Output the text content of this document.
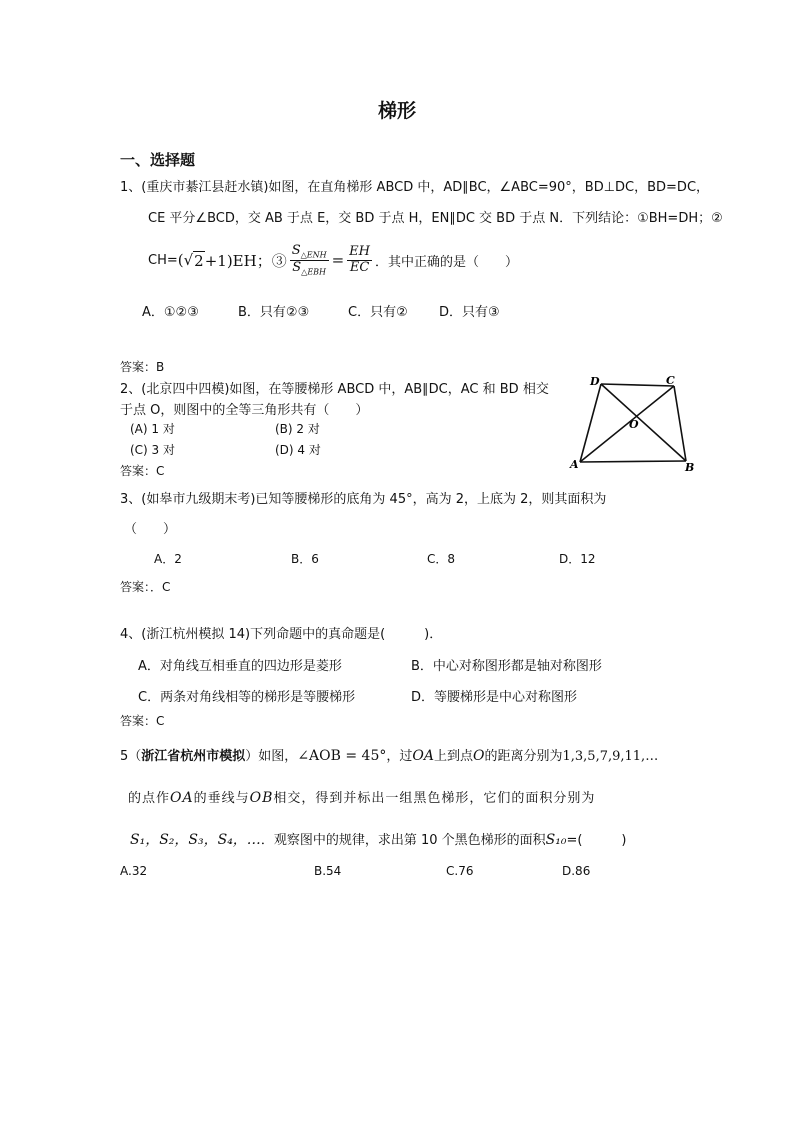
梯形
一、选择题
1、(重庆市綦江县赶水镇)如图，在直角梯形 ABCD 中，AD∥BC，∠ABC=90°，BD⊥DC，BD=DC，
CE 平分∠BCD，交 AB 于点 E，交 BD 于点 H，EN∥DC 交 BD 于点 N．下列结论：①BH=DH；②
CH= ( √ 2 +1)EH；③ $\frac{S_{\triangle ENH}}{S_{\triangle EBH}} = \frac{EH}{EC}$ ．其中正确的是（　　）
A．①②③	B．只有②③	C．只有② D．只有③
答案：B
2、(北京四中四模)如图，在等腰梯形 ABCD 中，AB∥DC，AC 和 BD 相交
于点 O，则图中的全等三角形共有（　　）
(A) 1 对	(B) 2 对
(C) 3 对	(D) 4 对
答案：C
D	C
O
A	B
3、(如皋市九级期末考)已知等腰梯形的底角为 45°，高为 2，上底为 2，则其面积为
（　　）
A．2	B．6	C．8	D．12
答案：．C
4、(浙江杭州模拟 14)下列命题中的真命题是(　　　)．
A．对角线互相垂直的四边形是菱形	B．中心对称图形都是轴对称图形
C．两条对角线相等的梯形是等腰梯形	D．等腰梯形是中心对称图形
答案：C
5（ 浙江省杭州市模拟 ）如图， ∠AOB = 45° ，过 OA 上到点 O 的距离分别为 1,3,5,7,9,11,…
的点作 OA 的垂线与 OB 相交，得到并标出一组黑色梯形，它们的面积分别为
S₁，S₂，S₃，S₄，… ．观察图中的规律，求出第 10 个黑色梯形的面积 S₁₀ =(　　　)
A.32	B.54	C.76	D.86
